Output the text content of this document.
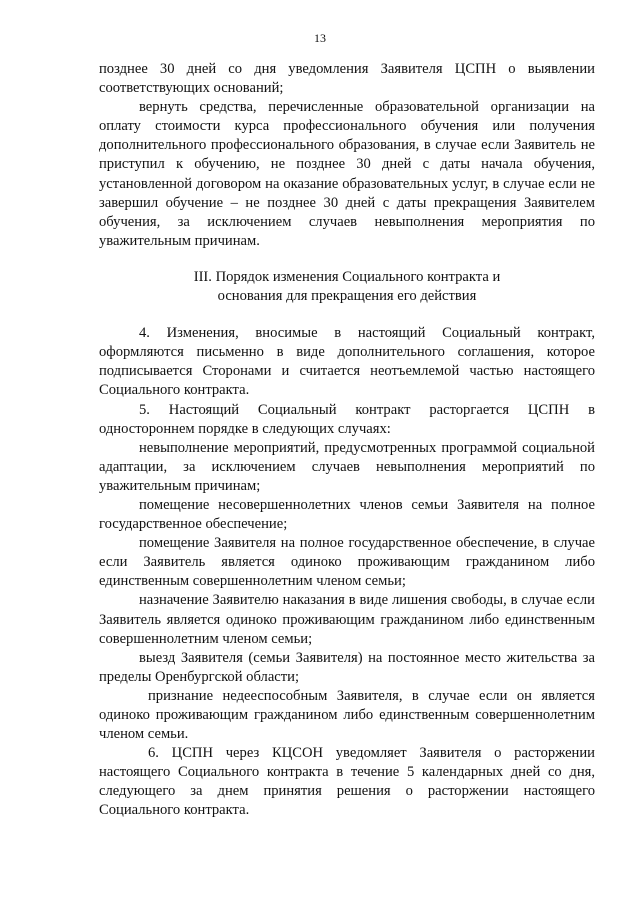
13

позднее 30 дней со дня уведомления Заявителя ЦСПН о выявлении соответствующих оснований;

вернуть средства, перечисленные образовательной организации на оплату стоимости курса профессионального обучения или получения дополнительного профессионального образования, в случае если Заявитель не приступил к обучению, не позднее 30 дней с даты начала обучения, установленной договором на оказание образовательных услуг, в случае если не завершил обучение – не позднее 30 дней с даты прекращения Заявителем обучения, за исключением случаев невыполнения мероприятия по уважительным причинам.

III. Порядок изменения Социального контракта и
основания для прекращения его действия

4. Изменения, вносимые в настоящий Социальный контракт, оформляются письменно в виде дополнительного соглашения, которое подписывается Сторонами и считается неотъемлемой частью настоящего Социального контракта.

5. Настоящий Социальный контракт расторгается ЦСПН в одностороннем порядке в следующих случаях:

невыполнение мероприятий, предусмотренных программой социальной адаптации, за исключением случаев невыполнения мероприятий по уважительным причинам;

помещение несовершеннолетних членов семьи Заявителя на полное государственное обеспечение;

помещение Заявителя на полное государственное обеспечение, в случае если Заявитель является одиноко проживающим гражданином либо единственным совершеннолетним членом семьи;

назначение Заявителю наказания в виде лишения свободы, в случае если Заявитель является одиноко проживающим гражданином либо единственным совершеннолетним членом семьи;

выезд Заявителя (семьи Заявителя) на постоянное место жительства за пределы Оренбургской области;

признание недееспособным Заявителя, в случае если он является одиноко проживающим гражданином либо единственным совершеннолетним членом семьи.

6. ЦСПН через КЦСОН уведомляет Заявителя о расторжении настоящего Социального контракта в течение 5 календарных дней со дня, следующего за днем принятия решения о расторжении настоящего Социального контракта.
